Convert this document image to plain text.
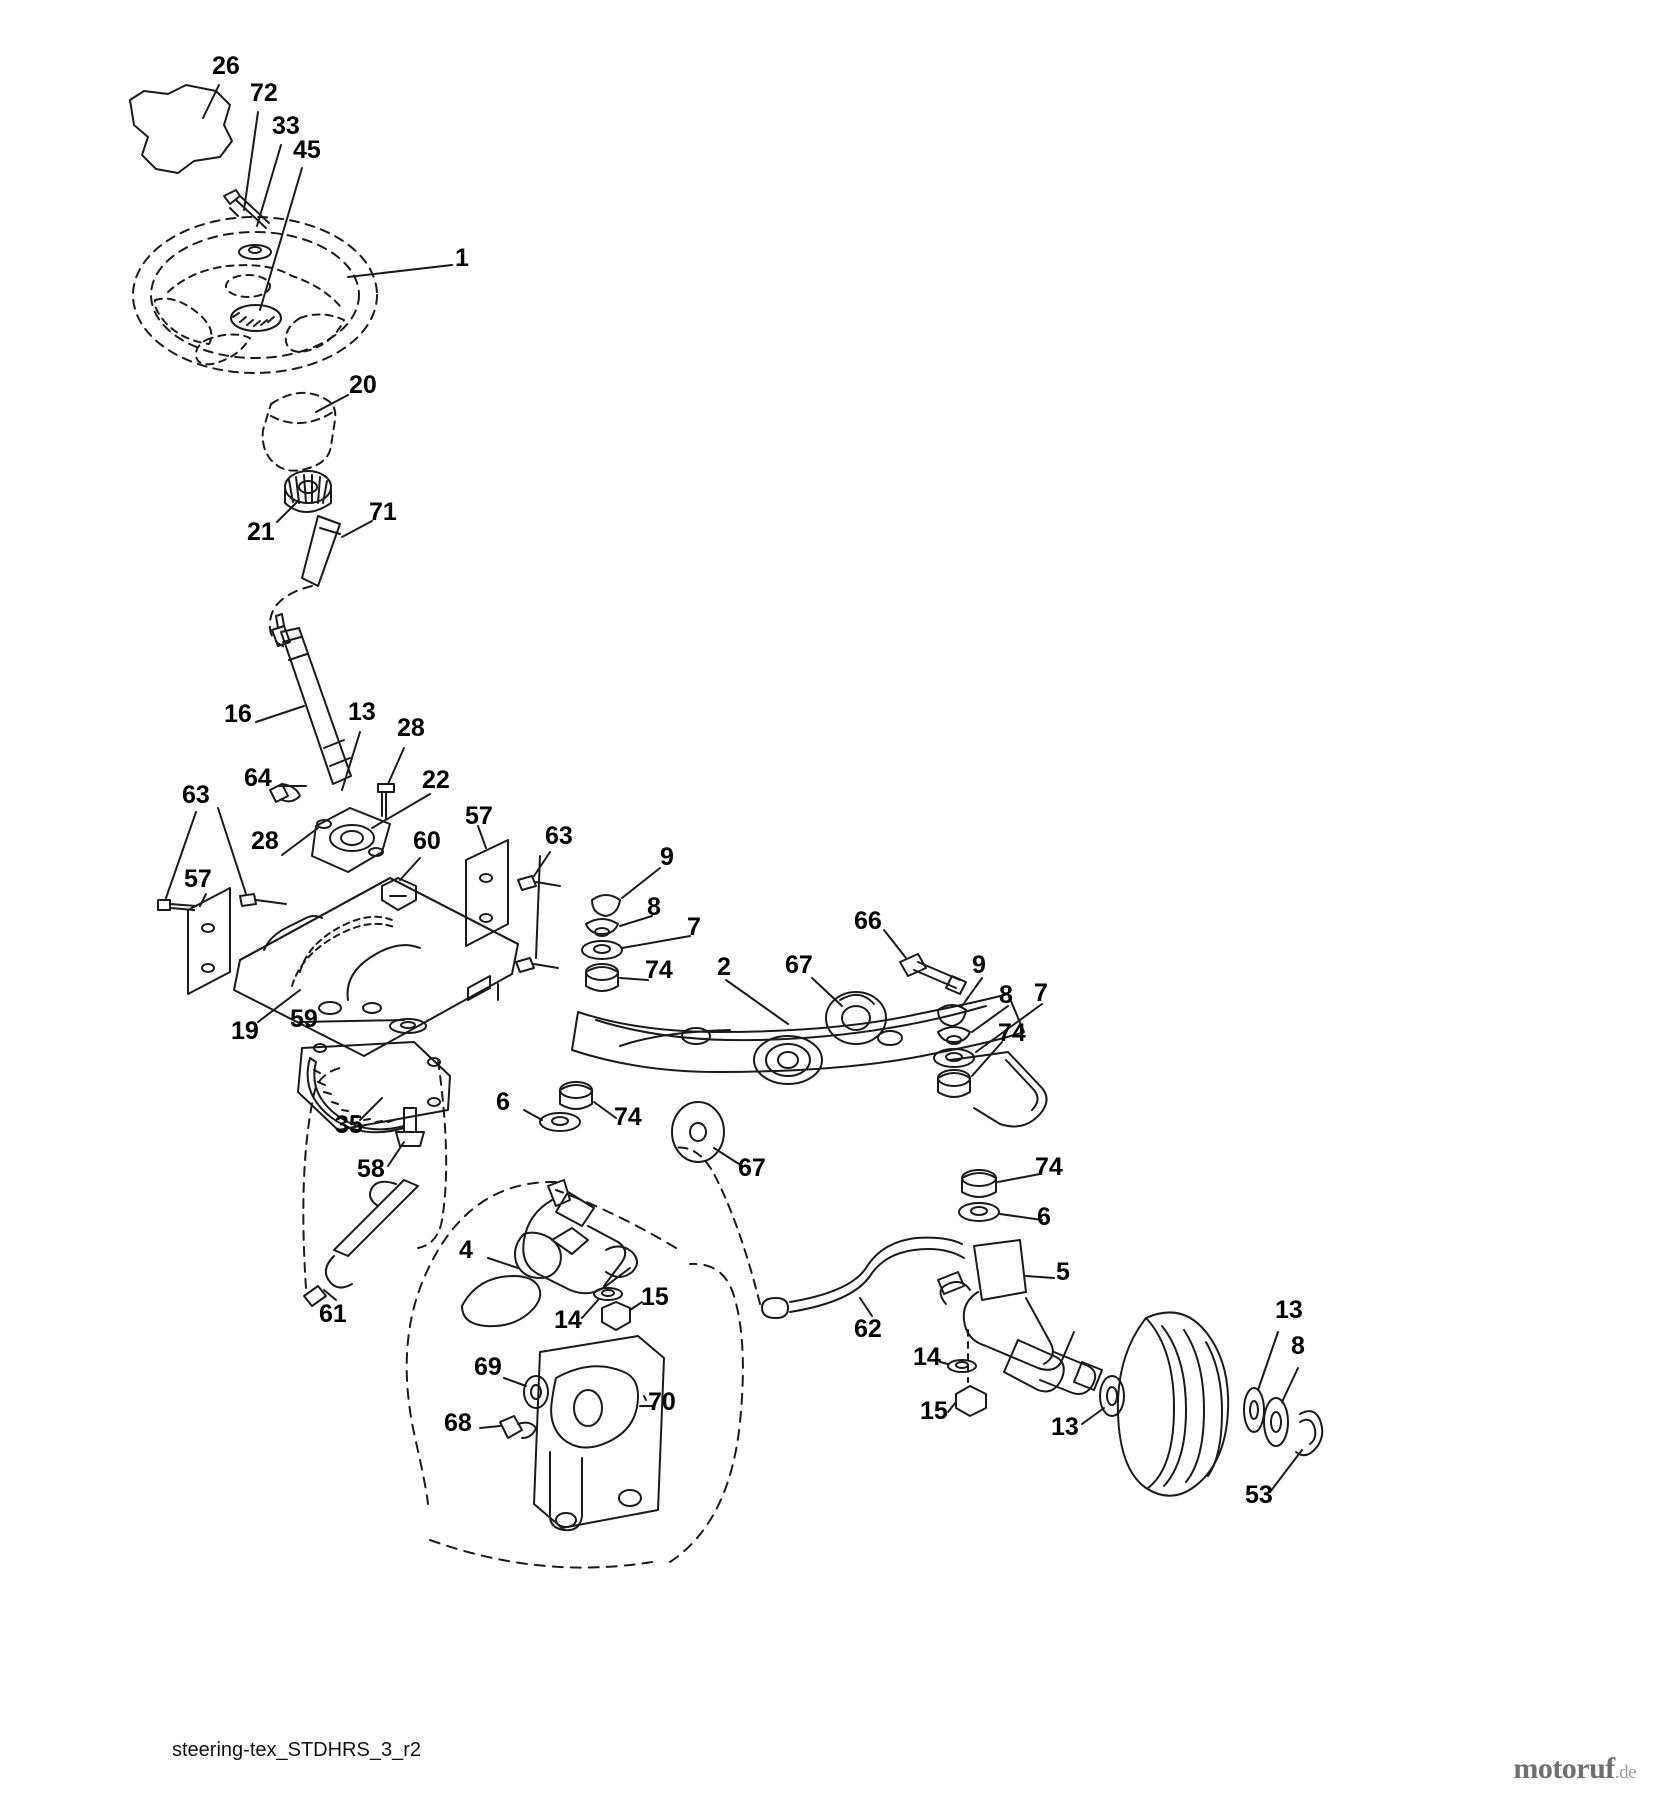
26
72
33
45
1
20
21
71
16	13
28
64	22
63
28
57
63
60
57
9
8
7	66
67
2	9
74
8 7
74
59
19
6
74
67	74
35
58
6
4
5
15
14
61
62
13
8
14
69
70
68	15
13
53
steering-tex_STDHRS_3_r2
motoruf.de
